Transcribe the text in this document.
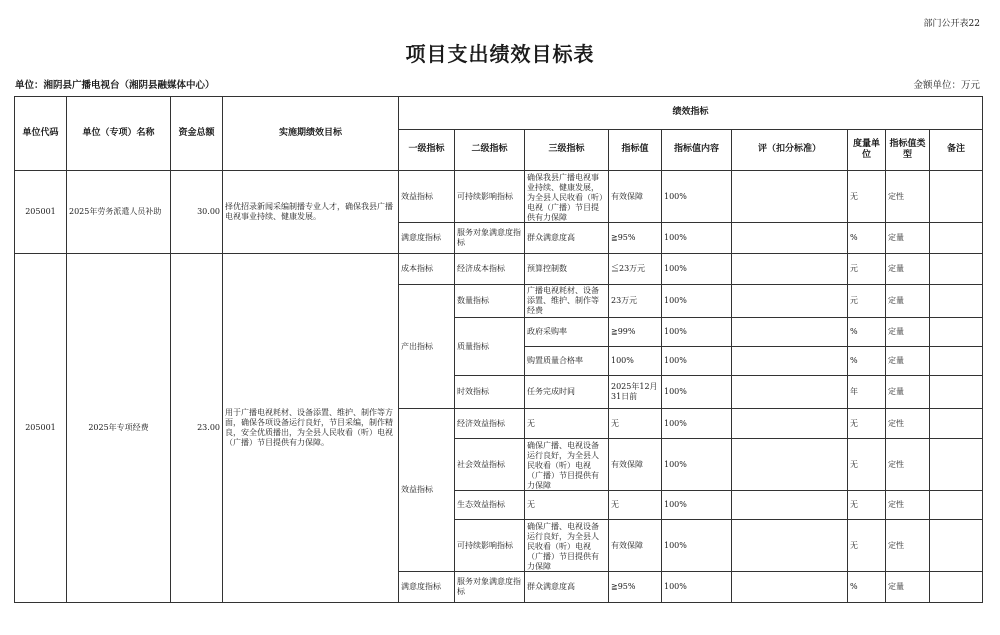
部门公开表22
项目支出绩效目标表
单位：湘阴县广播电视台（湘阴县融媒体中心）	金额单位：万元
单位代码	单位（专项）名称	资金总额	实施期绩效目标	绩效指标								
				一级指标	二级指标	三级指标	指标值	指标值内容	评（扣分标准）	度量单位	指标值类型	备注
205001	2025年劳务派遣人员补助	30.00	择优招录新闻采编制播专业人才，确保我县广播电视事业持续、健康发展。	效益指标	可持续影响指标	确保我县广播电视事业持续、健康发展，为全县人民收看（听）电视（广播）节目提供有力保障	有效保障	100%		无	定性	
				满意度指标	服务对象满意度指标	群众满意度高	≧95%	100%		%	定量	
205001	2025年专项经费	23.00	用于广播电视耗材、设备添置、维护、制作等方面，确保各项设备运行良好，节目采编，制作精良，安全优质播出，为全县人民收看（听）电视（广播）节目提供有力保障。	成本指标	经济成本指标	预算控制数	≦23万元	100%		元	定量	
				产出指标	数量指标	广播电视耗材、设备添置、维护、制作等经费	23万元	100%		元	定量	
					质量指标	政府采购率	≧99%	100%		%	定量	
						购置质量合格率	100%	100%		%	定量	
					时效指标	任务完成时间	2025年12月31日前	100%		年	定量	
				效益指标	经济效益指标	无	无	100%		无	定性	
					社会效益指标	确保广播、电视设备运行良好，为全县人民收看（听）电视（广播）节目提供有力保障	有效保障	100%		无	定性	
					生态效益指标	无	无	100%		无	定性	
					可持续影响指标	确保广播、电视设备运行良好，为全县人民收看（听）电视（广播）节目提供有力保障	有效保障	100%		无	定性	
				满意度指标	服务对象满意度指标	群众满意度高	≧95%	100%		%	定量	
